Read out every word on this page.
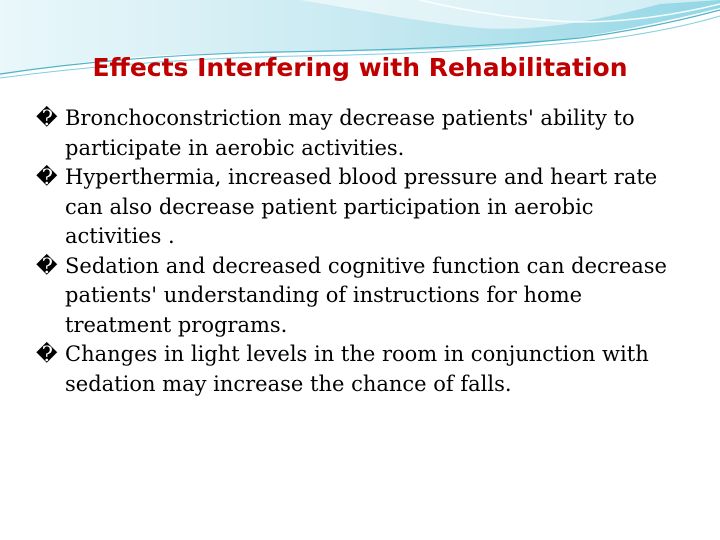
Effects Interfering with Rehabilitation
� Bronchoconstriction may decrease patients' ability to participate in aerobic activities.
� Hyperthermia, increased blood pressure and heart rate can also decrease patient participation in aerobic activities .
� Sedation and decreased cognitive function can decrease patients' understanding of instructions for home treatment programs.
� Changes in light levels in the room in conjunction with sedation may increase the chance of falls.
